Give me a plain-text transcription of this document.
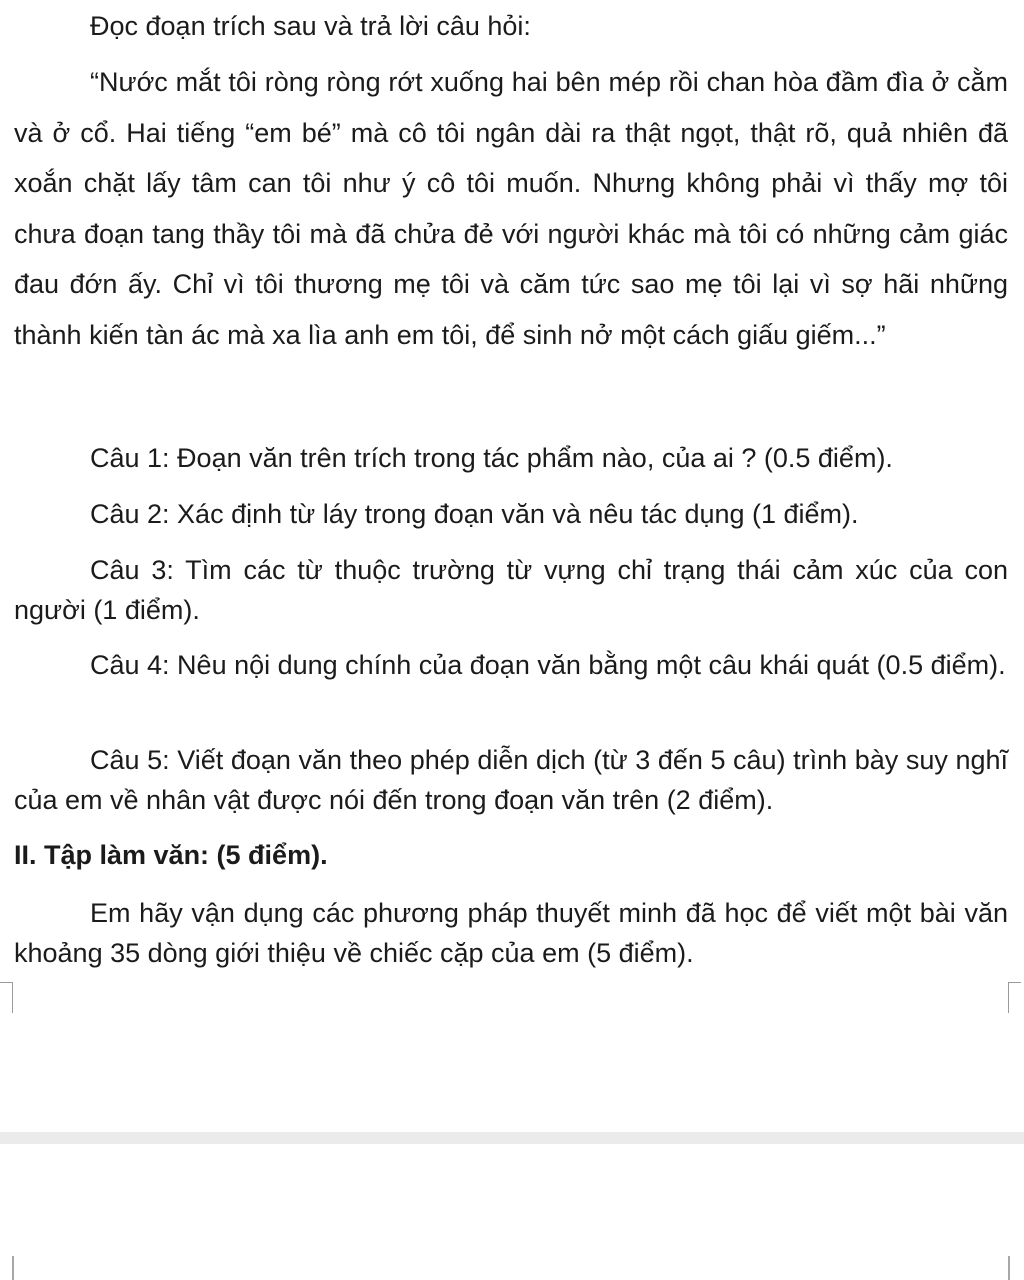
Đọc đoạn trích sau và trả lời câu hỏi:

“Nước mắt tôi ròng ròng rớt xuống hai bên mép rồi chan hòa đầm đìa ở cằm và ở cổ. Hai tiếng “em bé” mà cô tôi ngân dài ra thật ngọt, thật rõ, quả nhiên đã xoắn chặt lấy tâm can tôi như ý cô tôi muốn. Nhưng không phải vì thấy mợ tôi chưa đoạn tang thầy tôi mà đã chửa đẻ với người khác mà tôi có những cảm giác đau đớn ấy. Chỉ vì tôi thương mẹ tôi và căm tức sao mẹ tôi lại vì sợ hãi những thành kiến tàn ác mà xa lìa anh em tôi, để sinh nở một cách giấu giếm...”

Câu 1: Đoạn văn trên trích trong tác phẩm nào, của ai ? (0.5 điểm).

Câu 2: Xác định từ láy trong đoạn văn và nêu tác dụng (1 điểm).

Câu 3: Tìm các từ thuộc trường từ vựng chỉ trạng thái cảm xúc của con người (1 điểm).

Câu 4: Nêu nội dung chính của đoạn văn bằng một câu khái quát (0.5 điểm).

Câu 5: Viết đoạn văn theo phép diễn dịch (từ 3 đến 5 câu) trình bày suy nghĩ của em về nhân vật được nói đến trong đoạn văn trên (2 điểm).

II. Tập làm văn: (5 điểm).

Em hãy vận dụng các phương pháp thuyết minh đã học để viết một bài văn khoảng 35 dòng giới thiệu về chiếc cặp của em (5 điểm).
